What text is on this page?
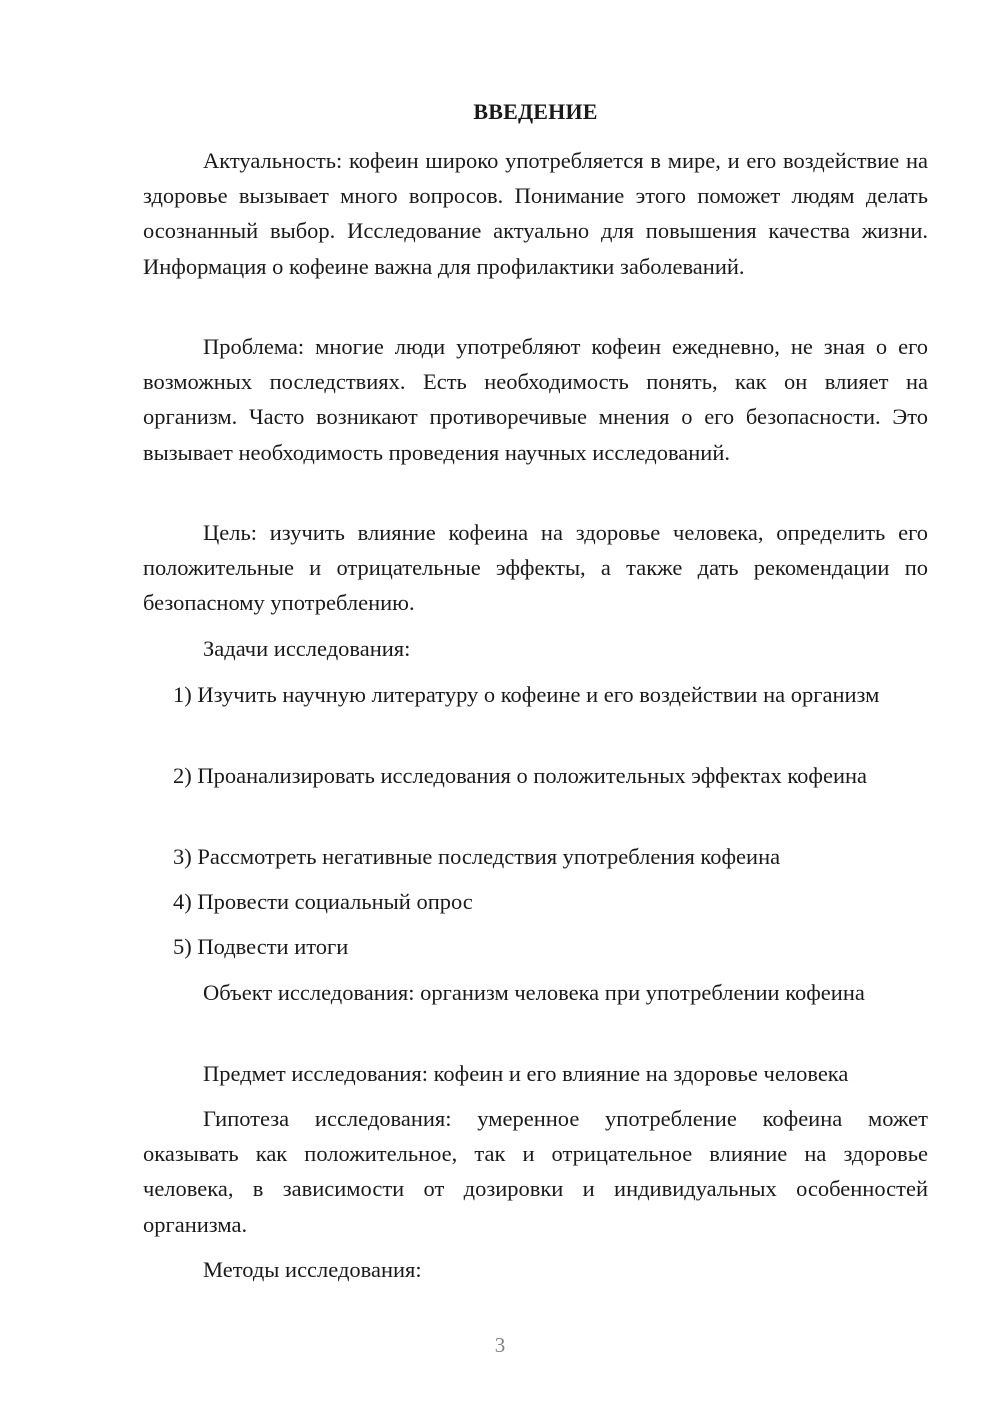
ВВЕДЕНИЕ

Актуальность: кофеин широко употребляется в мире, и его воздействие на здоровье вызывает много вопросов. Понимание этого поможет людям делать осознанный выбор. Исследование актуально для повышения качества жизни. Информация о кофеине важна для профилактики заболеваний.

Проблема: многие люди употребляют кофеин ежедневно, не зная о его возможных последствиях. Есть необходимость понять, как он влияет на организм. Часто возникают противоречивые мнения о его безопасности. Это вызывает необходимость проведения научных исследований.

Цель: изучить влияние кофеина на здоровье человека, определить его положительные и отрицательные эффекты, а также дать рекомендации по безопасному употреблению.

Задачи исследования:

1) Изучить научную литературу о кофеине и его воздействии на организм

2) Проанализировать исследования о положительных эффектах кофеина

3) Рассмотреть негативные последствия употребления кофеина

4) Провести социальный опрос

5) Подвести итоги

Объект исследования: организм человека при употреблении кофеина

Предмет исследования: кофеин и его влияние на здоровье человека

Гипотеза исследования: умеренное употребление кофеина может оказывать как положительное, так и отрицательное влияние на здоровье человека, в зависимости от дозировки и индивидуальных особенностей организма.

Методы исследования:

3
